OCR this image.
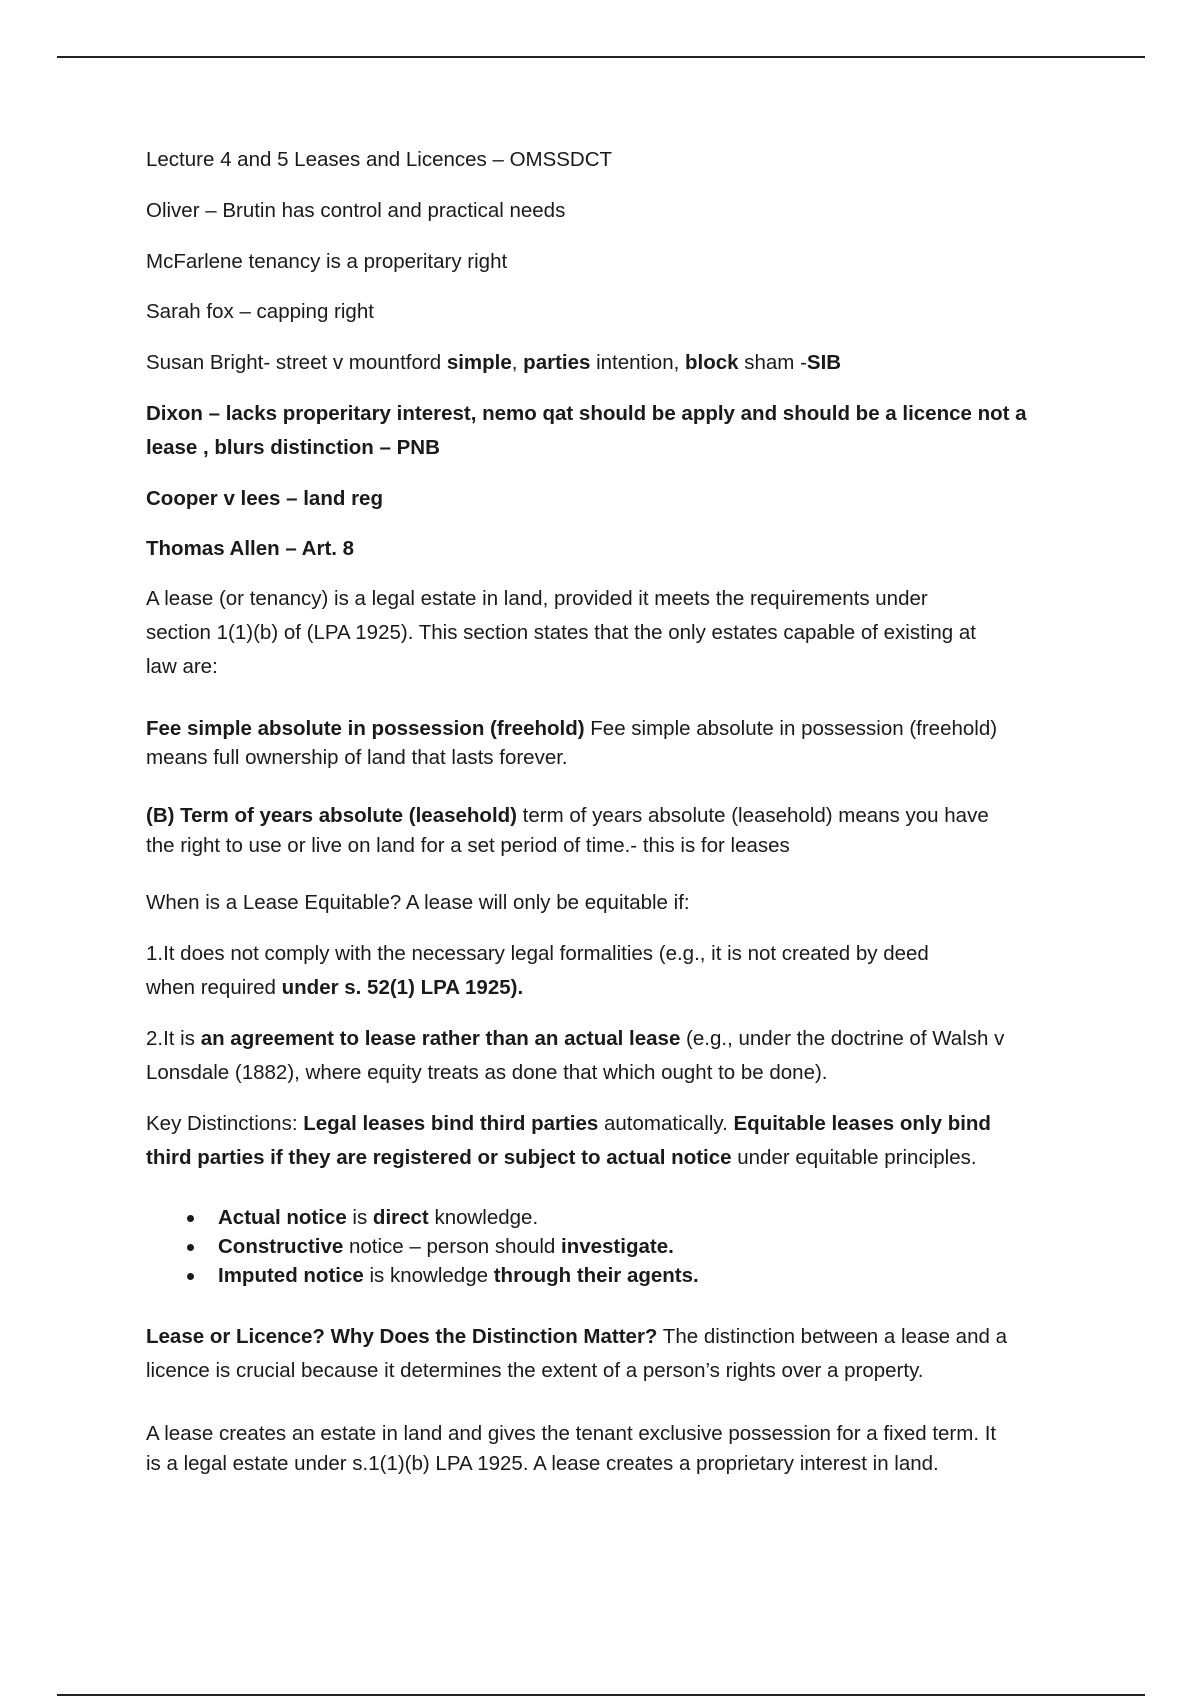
Lecture 4 and 5 Leases and Licences – OMSSDCT

Oliver – Brutin has control and practical needs

McFarlene tenancy is a properitary right

Sarah fox – capping right

Susan Bright- street v mountford simple, parties intention, block sham -SIB

Dixon – lacks properitary interest, nemo qat should be apply and should be a licence not a

lease , blurs distinction – PNB

Cooper v lees – land reg

Thomas Allen – Art. 8

A lease (or tenancy) is a legal estate in land, provided it meets the requirements under

section 1(1)(b) of (LPA 1925). This section states that the only estates capable of existing at

law are:

Fee simple absolute in possession (freehold) Fee simple absolute in possession (freehold)

means full ownership of land that lasts forever.

(B) Term of years absolute (leasehold) term of years absolute (leasehold) means you have

the right to use or live on land for a set period of time.- this is for leases

When is a Lease Equitable? A lease will only be equitable if:

1.It does not comply with the necessary legal formalities (e.g., it is not created by deed

when required under s. 52(1) LPA 1925).

2.It is an agreement to lease rather than an actual lease (e.g., under the doctrine of Walsh v

Lonsdale (1882), where equity treats as done that which ought to be done).

Key Distinctions: Legal leases bind third parties automatically. Equitable leases only bind

third parties if they are registered or subject to actual notice under equitable principles.

Actual notice is direct knowledge.
Constructive notice – person should investigate.
Imputed notice is knowledge through their agents.

Lease or Licence? Why Does the Distinction Matter? The distinction between a lease and a

licence is crucial because it determines the extent of a person’s rights over a property.

A lease creates an estate in land and gives the tenant exclusive possession for a fixed term. It

is a legal estate under s.1(1)(b) LPA 1925. A lease creates a proprietary interest in land.
